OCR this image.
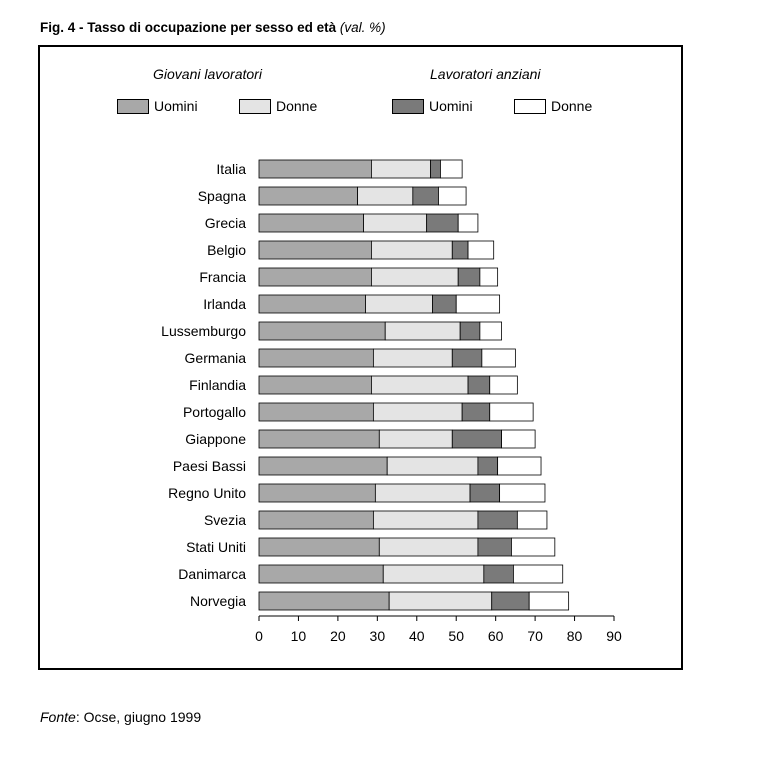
Fig. 4 - Tasso di occupazione per sesso ed età (val. %)
Giovani lavoratori	Lavoratori anziani
Uomini	Donne	Uomini	Donne
Italia
Spagna
Grecia
Belgio
Francia
Irlanda
Lussemburgo
Germania
Finlandia
Portogallo
Giappone
Paesi Bassi
Regno Unito
Svezia
Stati Uniti
Danimarca
Norvegia
0 10 20 30 40 50 60 70 80 90
Fonte: Ocse, giugno 1999
